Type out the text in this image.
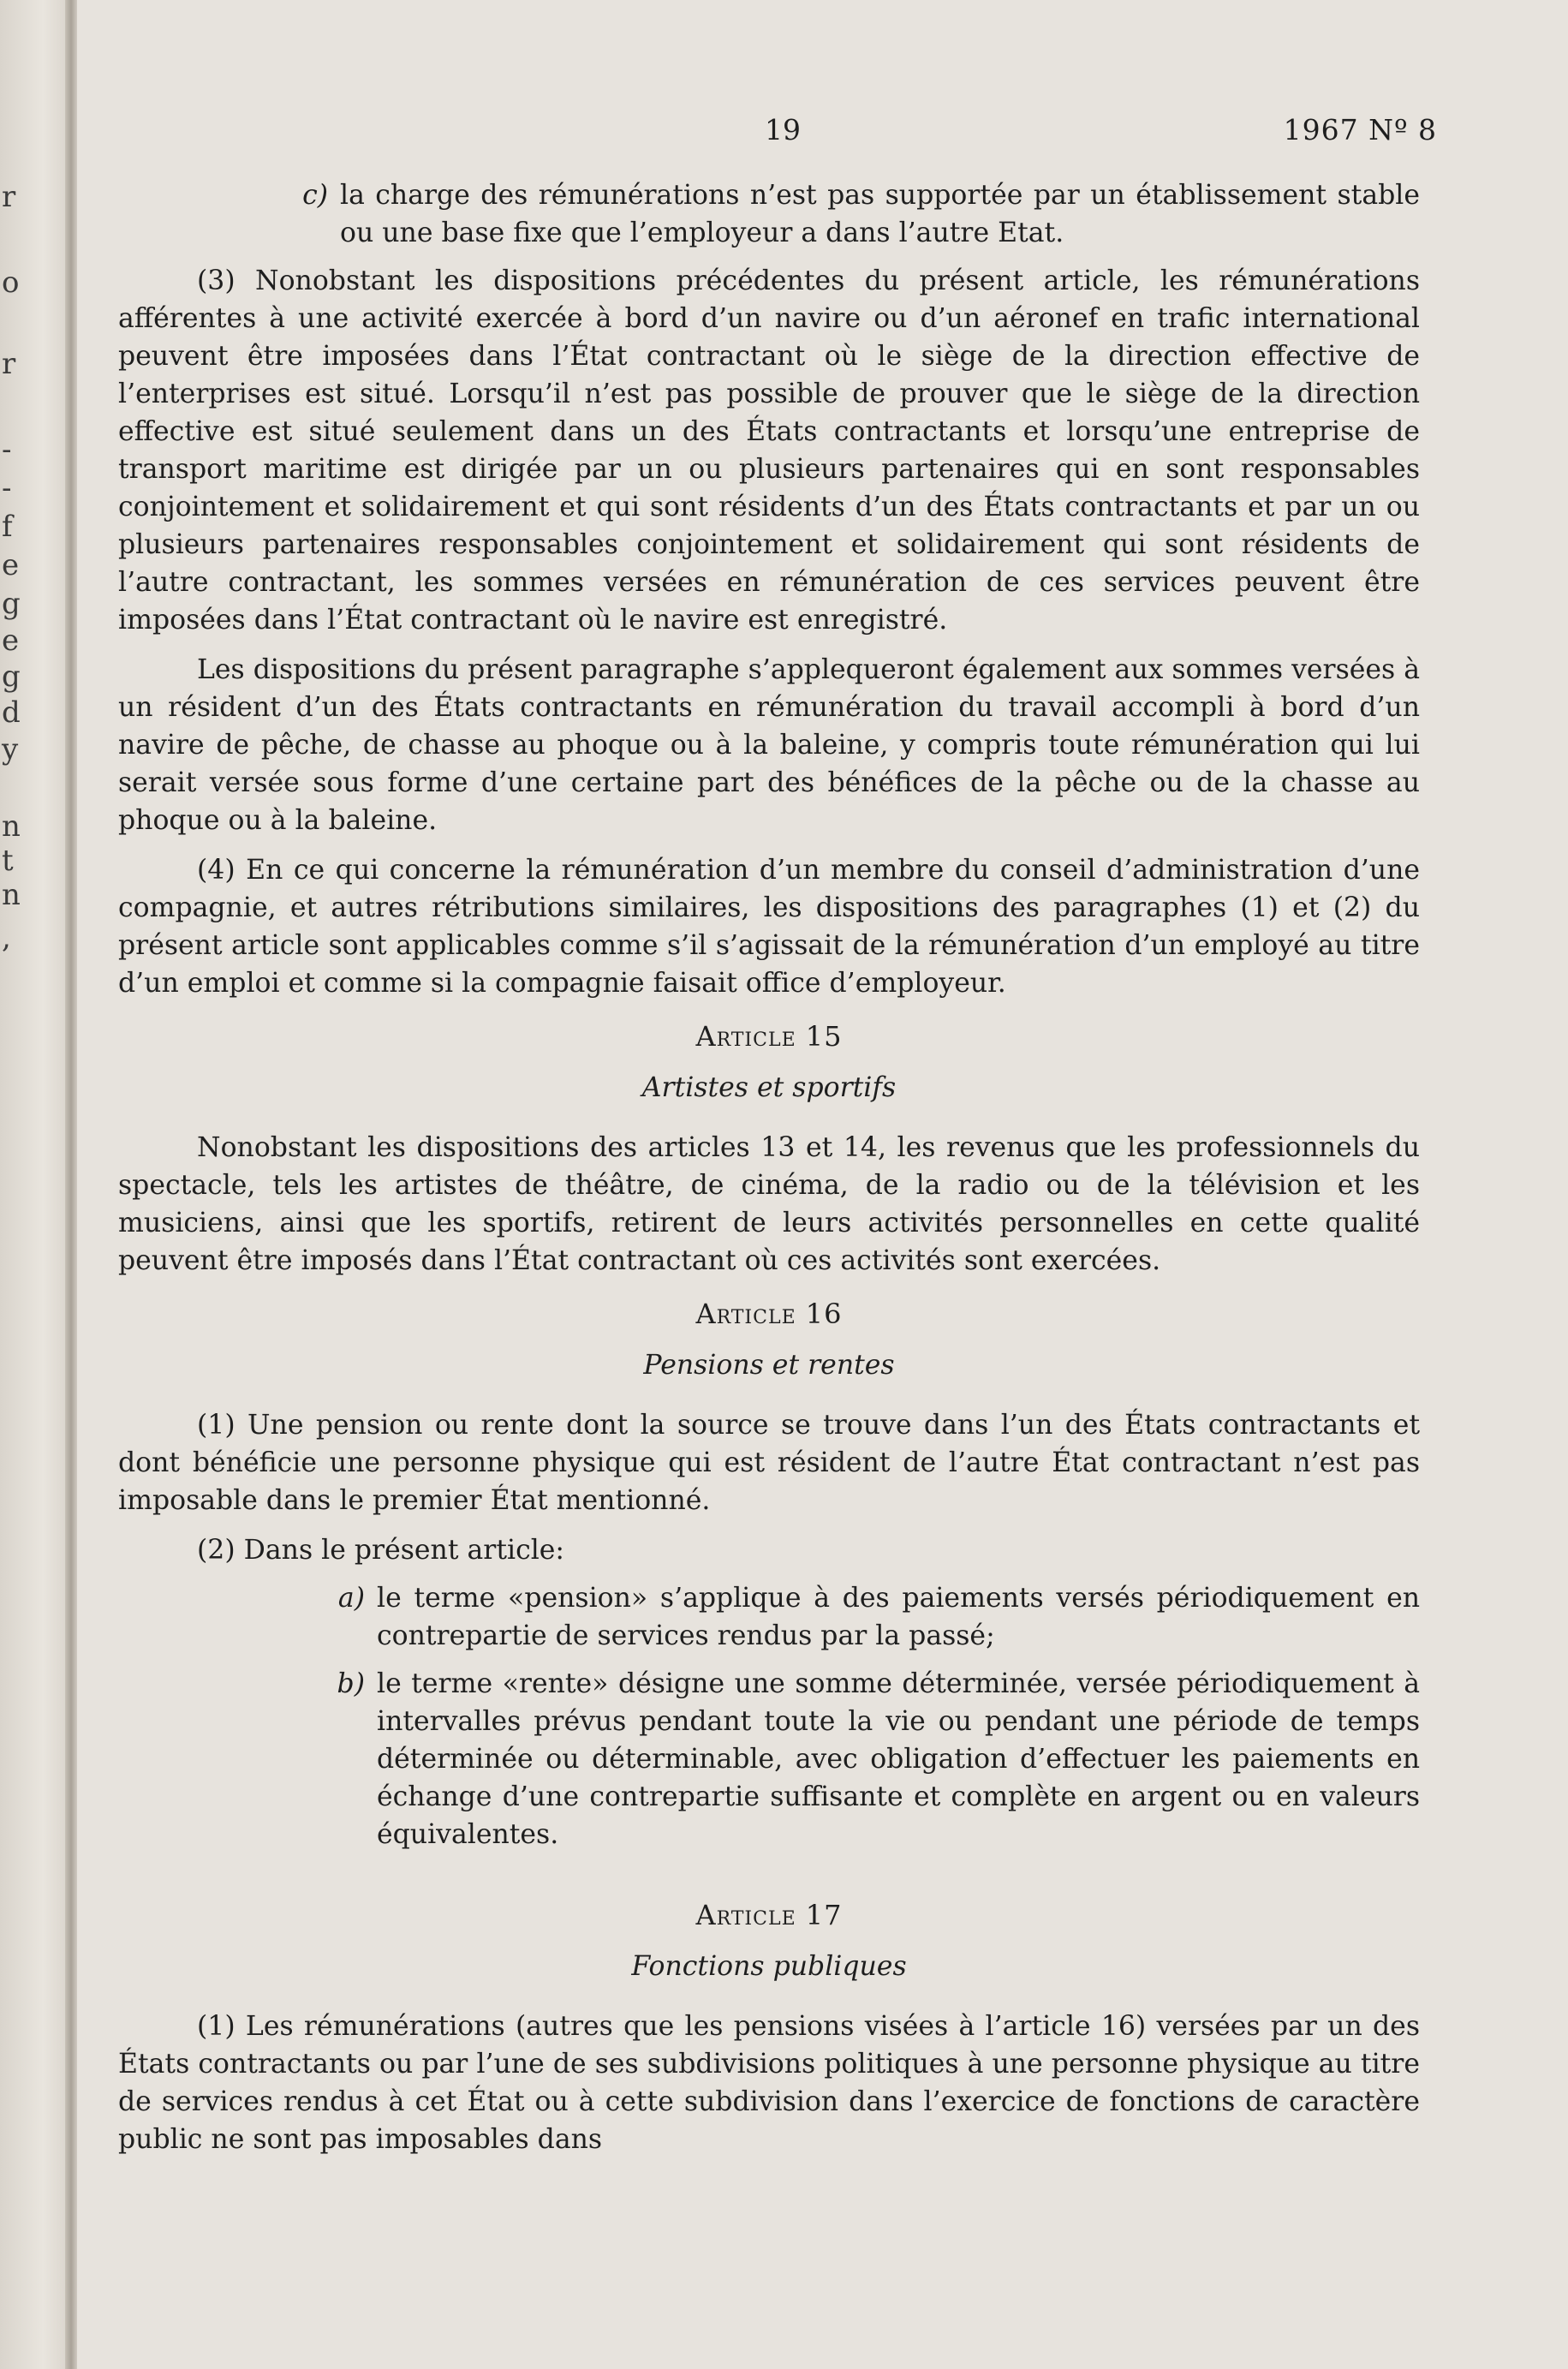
r
o
r
-
-
f
e
g
e
g
d
y
n
t
n
,
19	1967 Nº 8
c) la charge des rémunérations n’est pas supportée par un établissement stable ou une base fixe que l’employeur a dans l’autre Etat.

(3) Nonobstant les dispositions précédentes du présent article, les rémunérations afférentes à une activité exercée à bord d’un navire ou d’un aéronef en trafic international peuvent être imposées dans l’État contractant où le siège de la direction effective de l’enterprises est situé. Lorsqu’il n’est pas possible de prouver que le siège de la direction effective est situé seulement dans un des États contractants et lorsqu’une entreprise de transport maritime est dirigée par un ou plusieurs partenaires qui en sont responsables conjointement et solidairement et qui sont résidents d’un des États contractants et par un ou plusieurs partenaires responsables conjointement et solidairement qui sont résidents de l’autre contractant, les sommes versées en rémunération de ces services peuvent être imposées dans l’État contractant où le navire est enregistré.

Les dispositions du présent paragraphe s’applequeront également aux sommes versées à un résident d’un des États contractants en rémunération du travail accompli à bord d’un navire de pêche, de chasse au phoque ou à la baleine, y compris toute rémunération qui lui serait versée sous forme d’une certaine part des bénéfices de la pêche ou de la chasse au phoque ou à la baleine.

(4) En ce qui concerne la rémunération d’un membre du conseil d’administration d’une compagnie, et autres rétributions similaires, les dispositions des paragraphes (1) et (2) du présent article sont applicables comme s’il s’agissait de la rémunération d’un employé au titre d’un emploi et comme si la compagnie faisait office d’employeur.

Article 15
Artistes et sportifs

Nonobstant les dispositions des articles 13 et 14, les revenus que les professionnels du spectacle, tels les artistes de théâtre, de cinéma, de la radio ou de la télévision et les musiciens, ainsi que les sportifs, retirent de leurs activités personnelles en cette qualité peuvent être imposés dans l’État contractant où ces activités sont exercées.

Article 16
Pensions et rentes

(1) Une pension ou rente dont la source se trouve dans l’un des États contractants et dont bénéficie une personne physique qui est résident de l’autre État contractant n’est pas imposable dans le premier État mentionné.

(2) Dans le présent article:
a) le terme «pension» s’applique à des paiements versés périodiquement en contrepartie de services rendus par la passé;
b) le terme «rente» désigne une somme déterminée, versée périodiquement à intervalles prévus pendant toute la vie ou pendant une période de temps déterminée ou déterminable, avec obligation d’effectuer les paiements en échange d’une contrepartie suffisante et complète en argent ou en valeurs équivalentes.
Article 17
Fonctions publiques

(1) Les rémunérations (autres que les pensions visées à l’article 16) versées par un des États contractants ou par l’une de ses subdivisions politiques à une personne physique au titre de services rendus à cet État ou à cette subdivision dans l’exercice de fonctions de caractère public ne sont pas imposables dans
